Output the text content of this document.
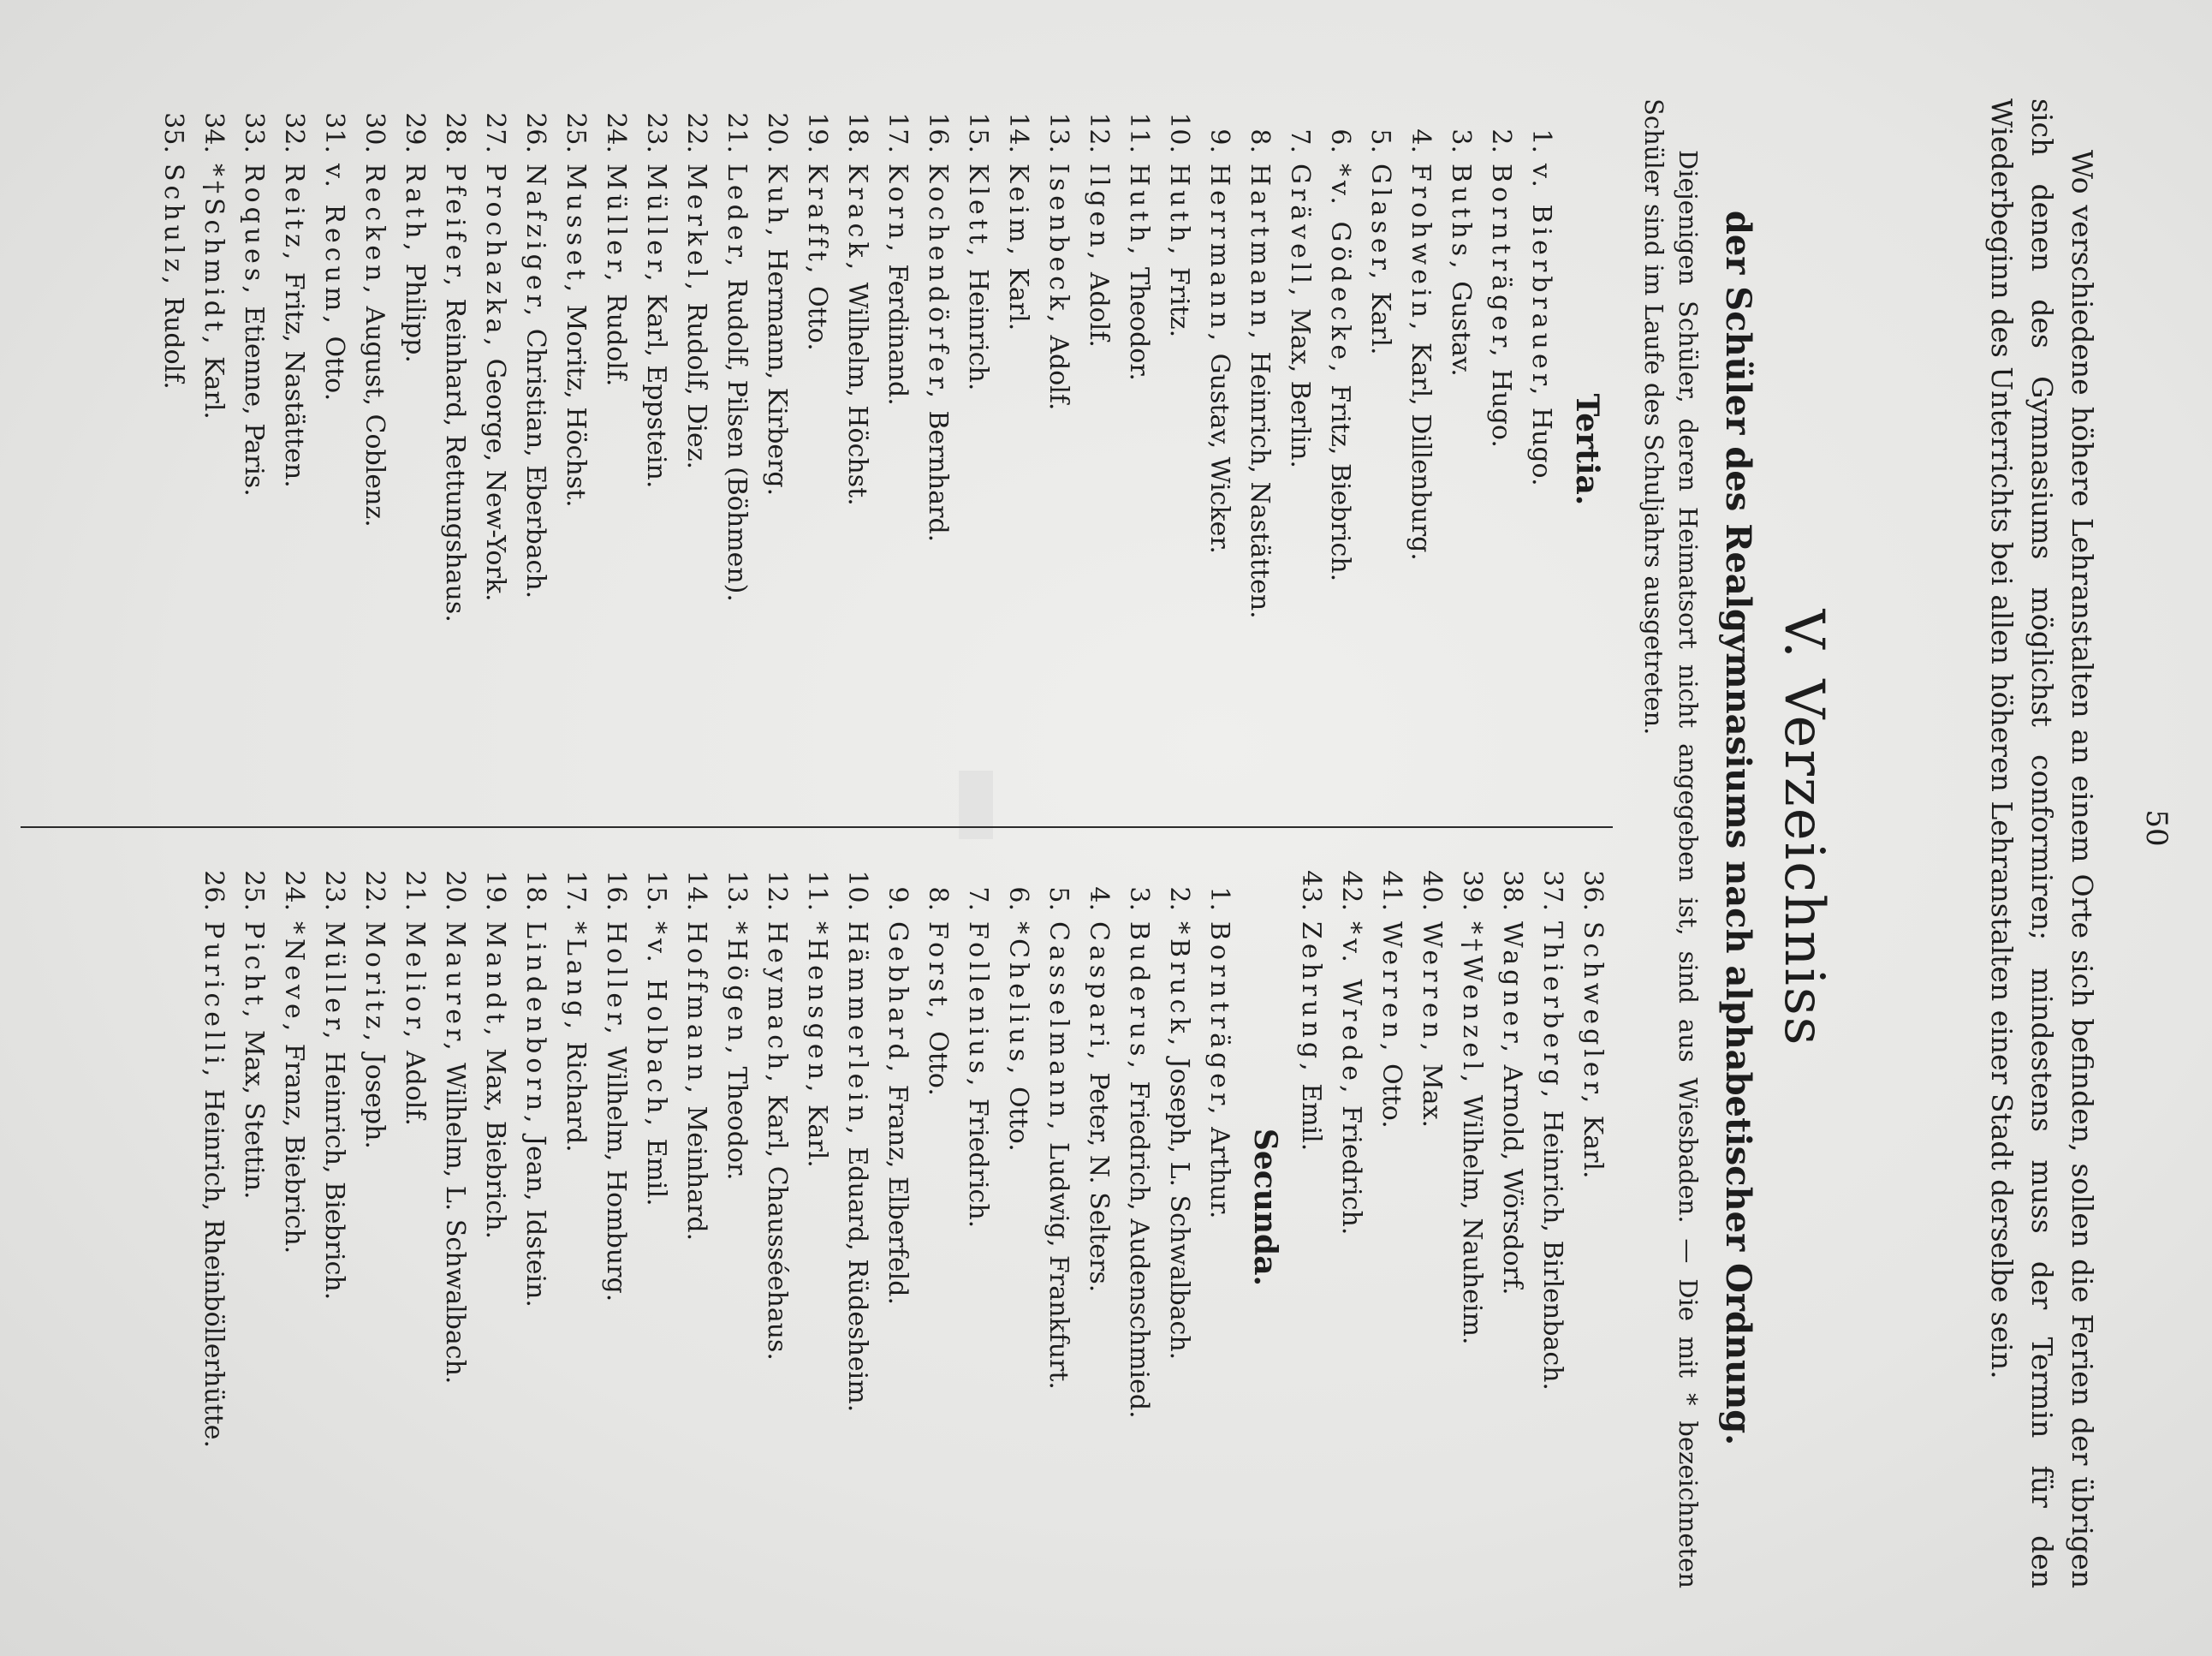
50

Wo verschiedene höhere Lehranstalten an einem Orte sich befinden, sollen die Ferien der übrigen sich denen des Gymnasiums möglichst conformiren; mindestens muss der Termin für den Wiederbeginn des Unterrichts bei allen höheren Lehranstalten einer Stadt derselbe sein.

V. Verzeichniss
der Schüler des Realgymnasiums nach alphabetischer Ordnung.

Diejenigen Schüler, deren Heimatsort nicht angegeben ist, sind aus Wiesbaden. — Die mit * bezeichneten Schüler sind im Laufe des Schuljahrs ausgetreten.

Tertia.
1.v. Bierbrauer, Hugo.
2.Bornträger, Hugo.
3.Buths, Gustav.
4.Frohwein, Karl, Dillenburg.
5.Glaser, Karl.
6.*v. Gödecke, Fritz, Biebrich.
7.Grävell, Max, Berlin.
8.Hartmann, Heinrich, Nastätten.
9.Herrmann, Gustav, Wicker.
10.Huth, Fritz.
11.Huth, Theodor.
12.Ilgen, Adolf.
13.Isenbeck, Adolf.
14.Keim, Karl.
15.Klett, Heinrich.
16.Kochendörfer, Bernhard.
17.Korn, Ferdinand.
18.Krack, Wilhelm, Höchst.
19.Krafft, Otto.
20.Kuh, Hermann, Kirberg.
21.Leder, Rudolf, Pilsen (Böhmen).
22.Merkel, Rudolf, Diez.
23.Müller, Karl, Eppstein.
24.Müller, Rudolf.
25.Musset, Moritz, Höchst.
26.Nafziger, Christian, Eberbach.
27.Prochazka, George, New-York.
28.Pfeifer, Reinhard, Rettungshaus.
29.Rath, Philipp.
30.Recken, August, Coblenz.
31.v. Recum, Otto.
32.Reitz, Fritz, Nastätten.
33.Roques, Etienne, Paris.
34.*†Schmidt, Karl.
35.Schulz, Rudolf.
36.Schwegler, Karl.
37.Thierberg, Heinrich, Birlenbach.
38.Wagner, Arnold, Wörsdorf.
39.*†Wenzel, Wilhelm, Nauheim.
40.Werren, Max.
41.Werren, Otto.
42.*v. Wrede, Friedrich.
43.Zehrung, Emil.
Secunda.
1.Bornträger, Arthur.
2.*Bruck, Joseph, L. Schwalbach.
3.Buderus, Friedrich, Audenschmied.
4.Caspari, Peter, N. Selters.
5.Casselmann, Ludwig, Frankfurt.
6.*Chelius, Otto.
7.Follenius, Friedrich.
8.Forst, Otto.
9.Gebhard, Franz, Elberfeld.
10.Hämmerlein, Eduard, Rüdesheim.
11.*Hensgen, Karl.
12.Heymach, Karl, Chausséehaus.
13.*Högen, Theodor.
14.Hoffmann, Meinhard.
15.*v. Holbach, Emil.
16.Holler, Wilhelm, Homburg.
17.*Lang, Richard.
18.Lindenborn, Jean, Idstein.
19.Mandt, Max, Biebrich.
20.Maurer, Wilhelm, L. Schwalbach.
21.Melior, Adolf.
22.Moritz, Joseph.
23.Müller, Heinrich, Biebrich.
24.*Neve, Franz, Biebrich.
25.Picht, Max, Stettin.
26.Puricelli, Heinrich, Rheinböllerhütte.
